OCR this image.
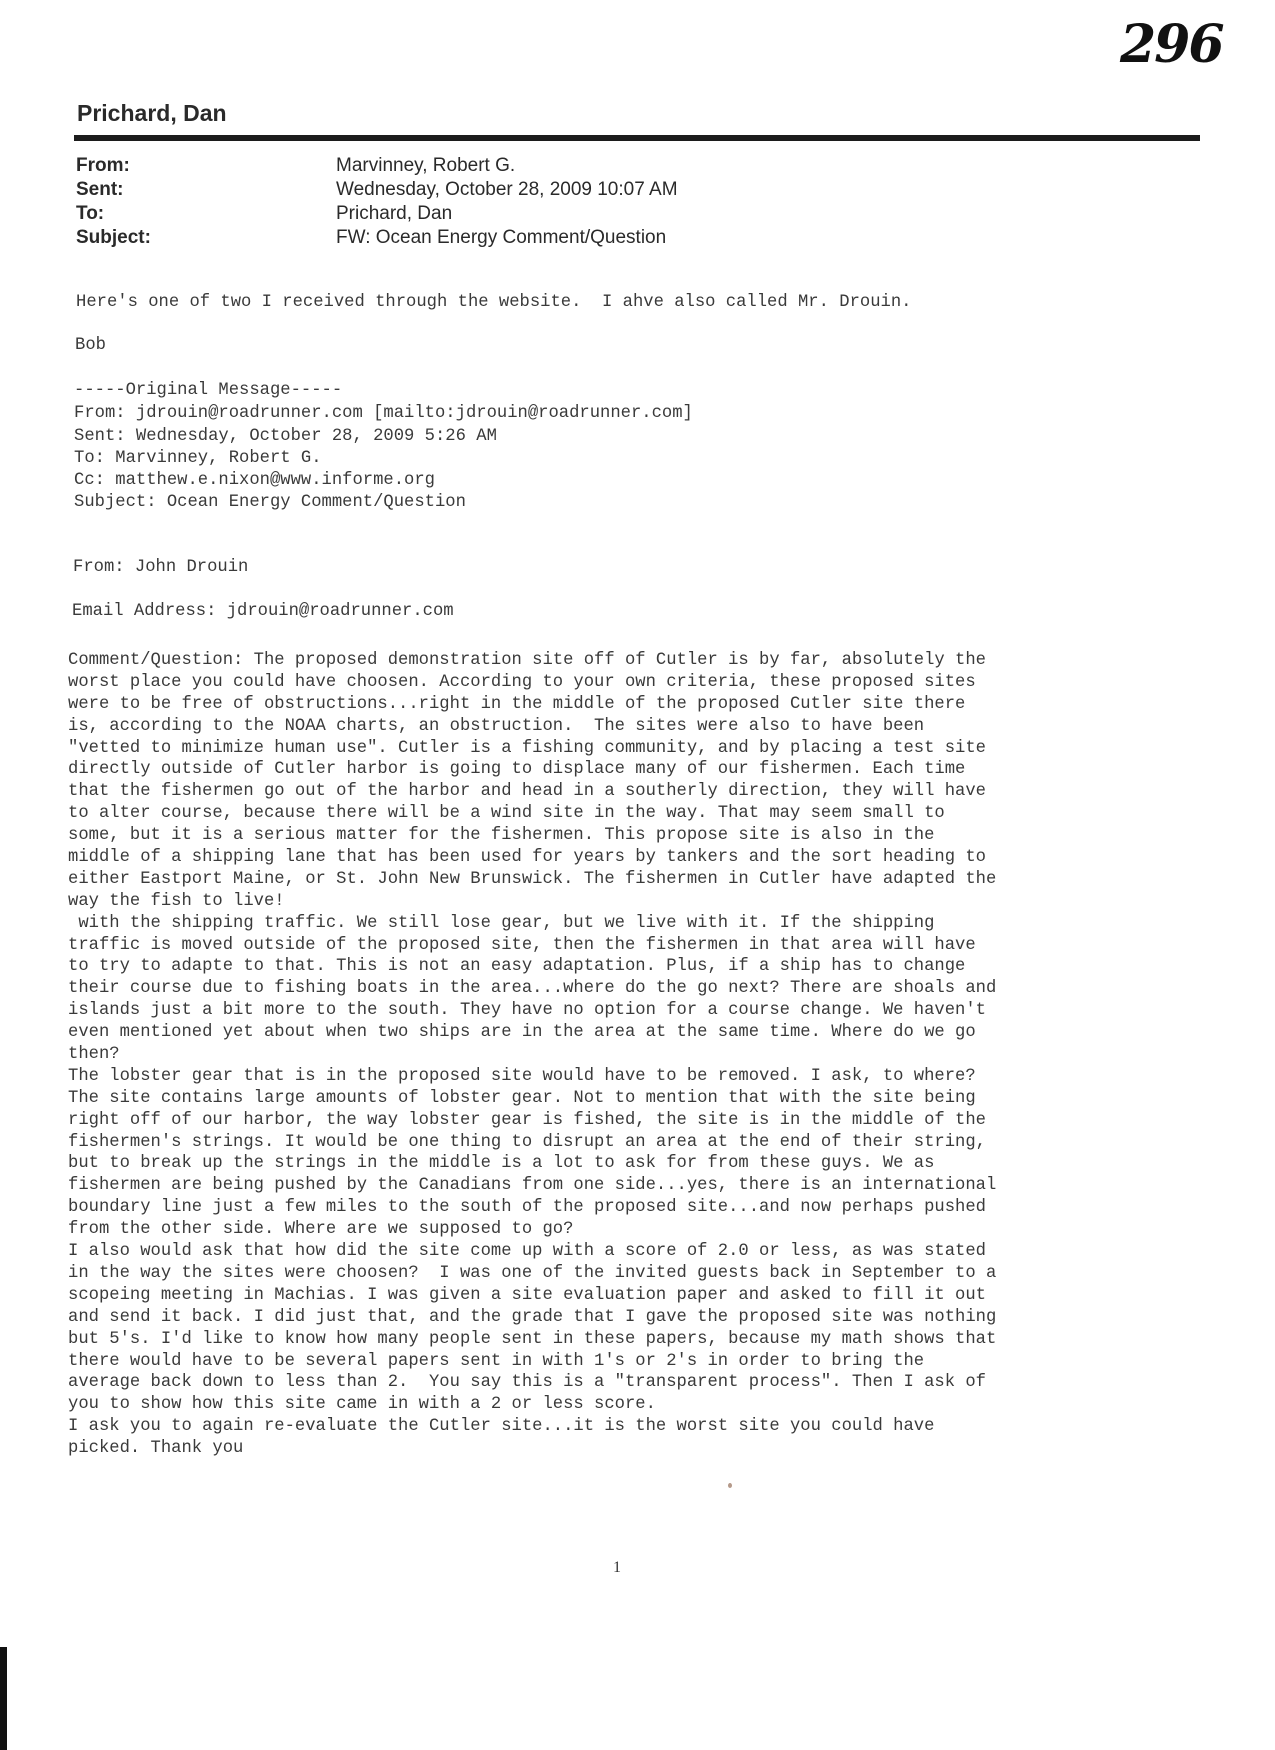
296
Prichard, Dan
From:	Marvinney, Robert G.
Sent:	Wednesday, October 28, 2009 10:07 AM
To:	Prichard, Dan
Subject:	FW: Ocean Energy Comment/Question
Here's one of two I received through the website.  I ahve also called Mr. Drouin.
Bob
-----Original Message-----
From: jdrouin@roadrunner.com [mailto:jdrouin@roadrunner.com]
Sent: Wednesday, October 28, 2009 5:26 AM
To: Marvinney, Robert G.
Cc: matthew.e.nixon@www.informe.org
Subject: Ocean Energy Comment/Question
From: John Drouin
Email Address: jdrouin@roadrunner.com
Comment/Question: The proposed demonstration site off of Cutler is by far, absolutely the
worst place you could have choosen. According to your own criteria, these proposed sites
were to be free of obstructions...right in the middle of the proposed Cutler site there
is, according to the NOAA charts, an obstruction.  The sites were also to have been
"vetted to minimize human use". Cutler is a fishing community, and by placing a test site
directly outside of Cutler harbor is going to displace many of our fishermen. Each time
that the fishermen go out of the harbor and head in a southerly direction, they will have
to alter course, because there will be a wind site in the way. That may seem small to
some, but it is a serious matter for the fishermen. This propose site is also in the
middle of a shipping lane that has been used for years by tankers and the sort heading to
either Eastport Maine, or St. John New Brunswick. The fishermen in Cutler have adapted the
way the fish to live!
with the shipping traffic. We still lose gear, but we live with it. If the shipping
traffic is moved outside of the proposed site, then the fishermen in that area will have
to try to adapte to that. This is not an easy adaptation. Plus, if a ship has to change
their course due to fishing boats in the area...where do the go next? There are shoals and
islands just a bit more to the south. They have no option for a course change. We haven't
even mentioned yet about when two ships are in the area at the same time. Where do we go
then?
The lobster gear that is in the proposed site would have to be removed. I ask, to where?
The site contains large amounts of lobster gear. Not to mention that with the site being
right off of our harbor, the way lobster gear is fished, the site is in the middle of the
fishermen's strings. It would be one thing to disrupt an area at the end of their string,
but to break up the strings in the middle is a lot to ask for from these guys. We as
fishermen are being pushed by the Canadians from one side...yes, there is an international
boundary line just a few miles to the south of the proposed site...and now perhaps pushed
from the other side. Where are we supposed to go?
I also would ask that how did the site come up with a score of 2.0 or less, as was stated
in the way the sites were choosen?  I was one of the invited guests back in September to a
scopeing meeting in Machias. I was given a site evaluation paper and asked to fill it out
and send it back. I did just that, and the grade that I gave the proposed site was nothing
but 5's. I'd like to know how many people sent in these papers, because my math shows that
there would have to be several papers sent in with 1's or 2's in order to bring the
average back down to less than 2.  You say this is a "transparent process". Then I ask of
you to show how this site came in with a 2 or less score.
I ask you to again re-evaluate the Cutler site...it is the worst site you could have
picked. Thank you
1
